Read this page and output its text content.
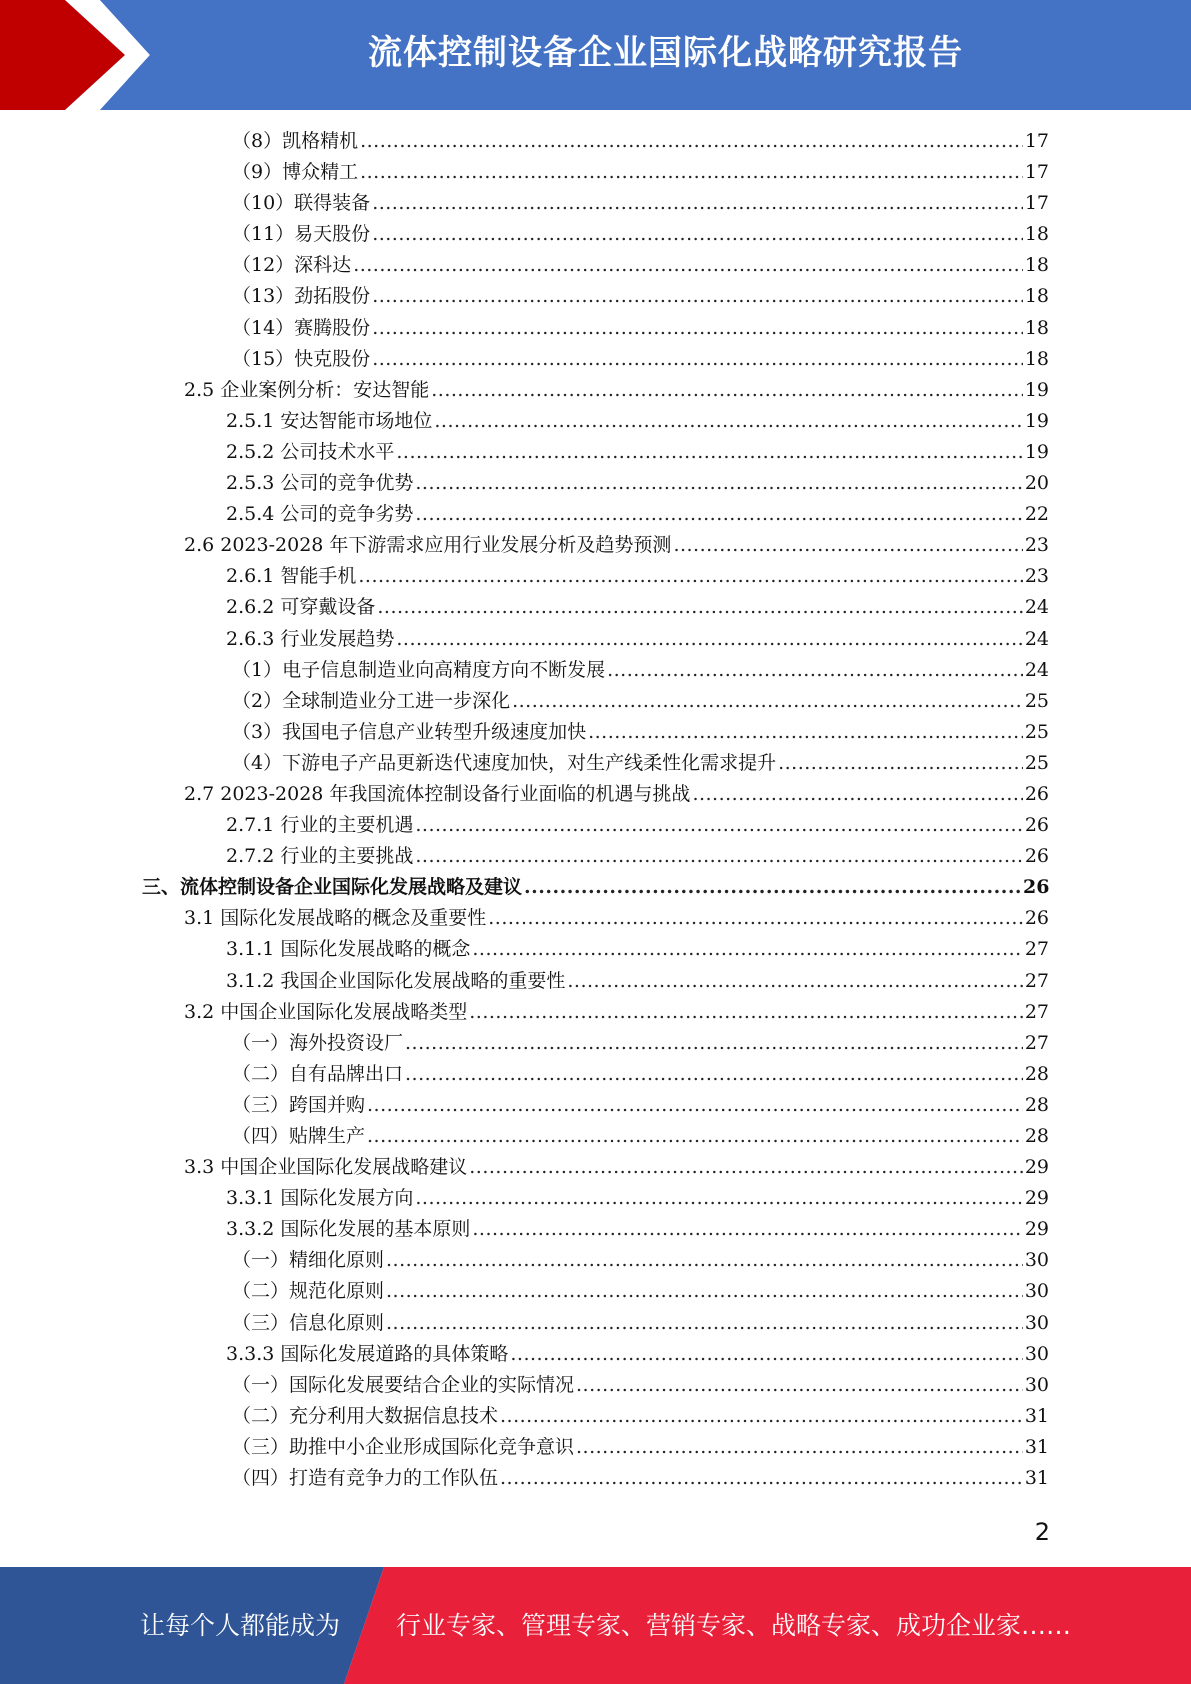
流体控制设备企业国际化战略研究报告
（8）凯格精机 .....	17
（9）博众精工 .....	17
（10）联得装备 .....	17
（11）易天股份 .....	18
（12）深科达 .....	18
（13）劲拓股份 .....	18
（14）赛腾股份 .....	18
（15）快克股份 .....	18
2.5 企业案例分析：安达智能 .....	19
2.5.1 安达智能市场地位 .....	19
2.5.2 公司技术水平 .....	19
2.5.3 公司的竞争优势 .....	20
2.5.4 公司的竞争劣势 .....	22
2.6 2023-2028 年下游需求应用行业发展分析及趋势预测 .....	23
2.6.1 智能手机 .....	23
2.6.2 可穿戴设备 .....	24
2.6.3 行业发展趋势 .....	24
（1）电子信息制造业向高精度方向不断发展 .....	24
（2）全球制造业分工进一步深化 .....	25
（3）我国电子信息产业转型升级速度加快 .....	25
（4）下游电子产品更新迭代速度加快，对生产线柔性化需求提升 .....	25
2.7 2023-2028 年我国流体控制设备行业面临的机遇与挑战 .....	26
2.7.1 行业的主要机遇 .....	26
2.7.2 行业的主要挑战 .....	26
三、流体控制设备企业国际化发展战略及建议 .....	26
3.1 国际化发展战略的概念及重要性 .....	26
3.1.1 国际化发展战略的概念 .....	27
3.1.2 我国企业国际化发展战略的重要性 .....	27
3.2 中国企业国际化发展战略类型 .....	27
（一）海外投资设厂 .....	27
（二）自有品牌出口 .....	28
（三）跨国并购 .....	28
（四）贴牌生产 .....	28
3.3 中国企业国际化发展战略建议 .....	29
3.3.1 国际化发展方向 .....	29
3.3.2 国际化发展的基本原则 .....	29
（一）精细化原则 .....	30
（二）规范化原则 .....	30
（三）信息化原则 .....	30
3.3.3 国际化发展道路的具体策略 .....	30
（一）国际化发展要结合企业的实际情况 .....	30
（二）充分利用大数据信息技术 .....	31
（三）助推中小企业形成国际化竞争意识 .....	31
（四）打造有竞争力的工作队伍 .....	31
2
让每个人都能成为 行业专家、管理专家、营销专家、战略专家、成功企业家……
